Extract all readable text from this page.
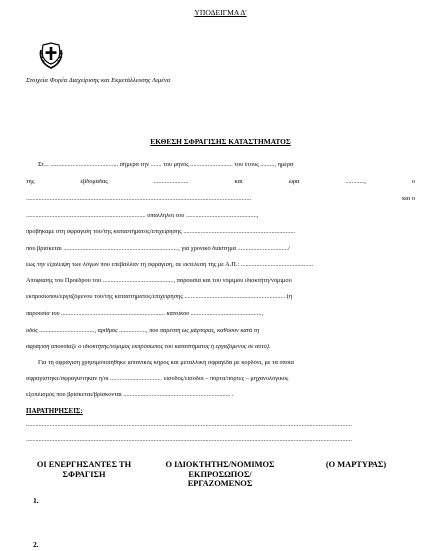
ΥΠΟΔΕΙΓΜΑ Δ'
Στοιχεία Φορέα Διαχείρισης και Εκμετάλλευσης Λιμένα
ΕΚΘΕΣΗ ΣΦΡΑΓΙΣΗΣ ΚΑΤΑΣΤΗΜΑΤΟΣ
Στ... ........................................... σήμερα την ....... του μηνός ........................... του έτους ........., ημέρα
της	εβδομάδας	......................	και	ώρα	............,	ο
...............................................................................................................................................	και ο
............................................................................ υπάλληλοι του .............................................,
προβήκαμε στη σφράγιση του/της καταστήματος/επιχείρησης .......................................................................
που βρίσκεται ........................................................................., για χρονικό διάστημα ................................/
έως την εξάλειψη των λόγων που επέβαλλαν τη σφράγιση, σε εκτέλεση της με Α.Π.: ..............................................
Απόφασης του Προέδρου του ............................................., παρουσία και του νόμιμου ιδιοκτήτη/νόμιμου
εκπροσώπου/εργαζόμενου του/της καταστήματος/επιχείρησης ................................................................ (ή
παρουσία του .................................................................. κατοίκου .............................................,
οδός ..................................., αριθμός ................., που παρέστη ως μάρτυρας, καθόσον κατά τη
σφράγιση απουσίαζε ο ιδιοκτήτης/νόμιμος εκπρόσωπος του καταστήματος ή εργαζόμενος σε αυτό).
Για τη σφράγιση χρησιμοποιήθηκε ισπανικός κήρος και μεταλλική σφραγίδα με κορδόνι, με τα οποία
σφραγίστηκε/σφραγίστηκαν η/οι ................................. είσοδος/είσοδοι – πόρτα/πόρτες – μηχανολογικός
εξοπλισμός που βρίσκεται/βρίσκονται .................................................................... .
ΠΑΡΑΤΗΡΗΣΕΙΣ:
...............................................................................................................................................................................................................
...............................................................................................................................................................................................................
ΟΙ ΕΝΕΡΓΗΣΑΝΤΕΣ ΤΗ
ΣΦΡΑΓΙΣΗ
Ο ΙΔΙΟΚΤΗΤΗΣ/ΝΟΜΙΜΟΣ
ΕΚΠΡΟΣΩΠΟΣ/
ΕΡΓΑΖΟΜΕΝΟΣ
(Ο ΜΑΡΤΥΡΑΣ)
1.
2.
